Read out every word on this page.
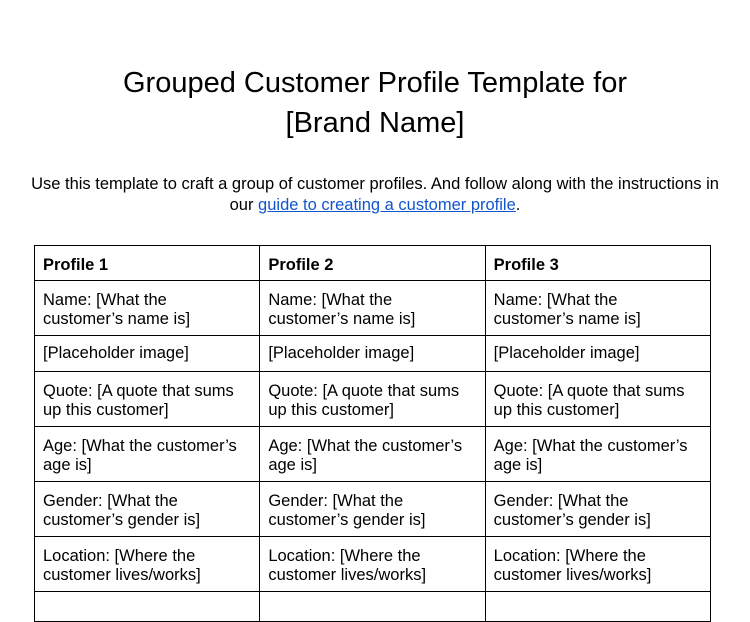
Grouped Customer Profile Template for
[Brand Name]

Use this template to craft a group of customer profiles. And follow along with the instructions in our guide to creating a customer profile.

Profile 1	Profile 2	Profile 3
Name: [What the customer’s name is]	Name: [What the customer’s name is]	Name: [What the customer’s name is]
[Placeholder image]	[Placeholder image]	[Placeholder image]
Quote: [A quote that sums up this customer]	Quote: [A quote that sums up this customer]	Quote: [A quote that sums up this customer]
Age: [What the customer’s age is]	Age: [What the customer’s age is]	Age: [What the customer’s age is]
Gender: [What the customer’s gender is]	Gender: [What the customer’s gender is]	Gender: [What the customer’s gender is]
Location: [Where the customer lives/works]	Location: [Where the customer lives/works]	Location: [Where the customer lives/works]
